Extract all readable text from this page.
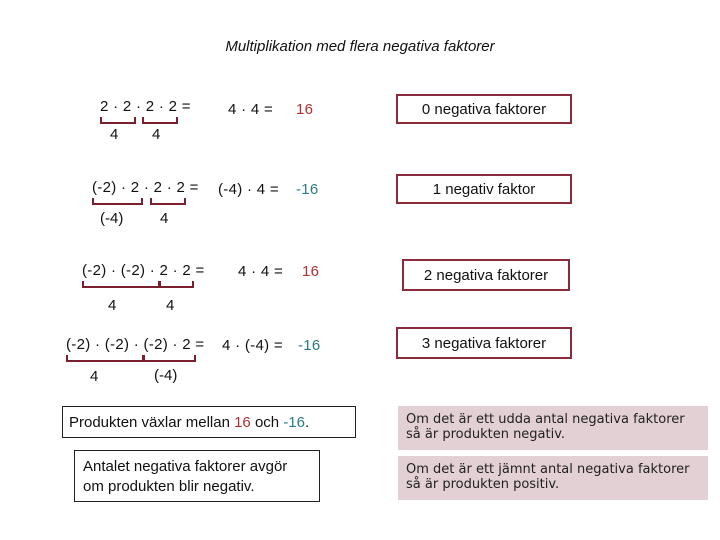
Multiplikation med flera negativa faktorer
2 · 2 · 2 · 2 =
4 4
4 · 4 = 16	0 negativa faktorer
(-2) · 2 · 2 · 2 =
(-4) 4
(-4) · 4 = -16	1 negativ faktor
(-2) · (-2) · 2 · 2 =
4	4
4 · 4 = 16	2 negativa faktorer
(-2) · (-2) · (-2) · 2 =
4	(-4)
4 · (-4) = -16	3 negativa faktorer
Produkten växlar mellan 16 och -16 .
Antalet negativa faktorer avgör om produkten blir negativ.
Om det är ett udda antal negativa faktorer så är produkten negativ.
Om det är ett jämnt antal negativa faktorer så är produkten positiv.
